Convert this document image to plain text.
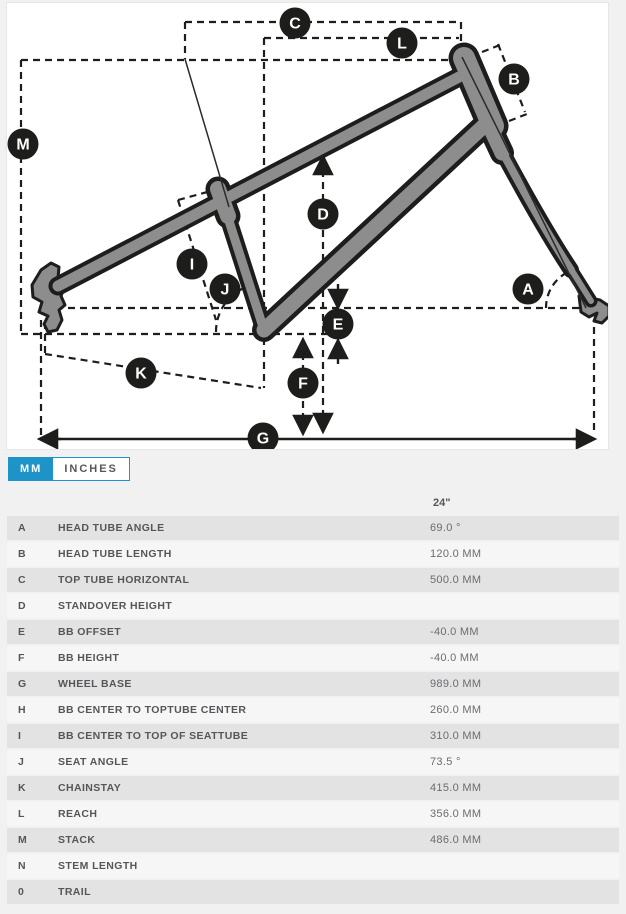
A
B
C
D
E
F
G
I
J
K
L
M
MM	INCHES
24"
A	HEAD TUBE ANGLE	69.0 °
B	HEAD TUBE LENGTH	120.0 MM
C	TOP TUBE HORIZONTAL	500.0 MM
D	STANDOVER HEIGHT
E	BB OFFSET	-40.0 MM
F	BB HEIGHT	-40.0 MM
G	WHEEL BASE	989.0 MM
H	BB CENTER TO TOPTUBE CENTER	260.0 MM
I	BB CENTER TO TOP OF SEATTUBE	310.0 MM
J	SEAT ANGLE	73.5 °
K	CHAINSTAY	415.0 MM
L	REACH	356.0 MM
M	STACK	486.0 MM
N	STEM LENGTH
0	TRAIL
